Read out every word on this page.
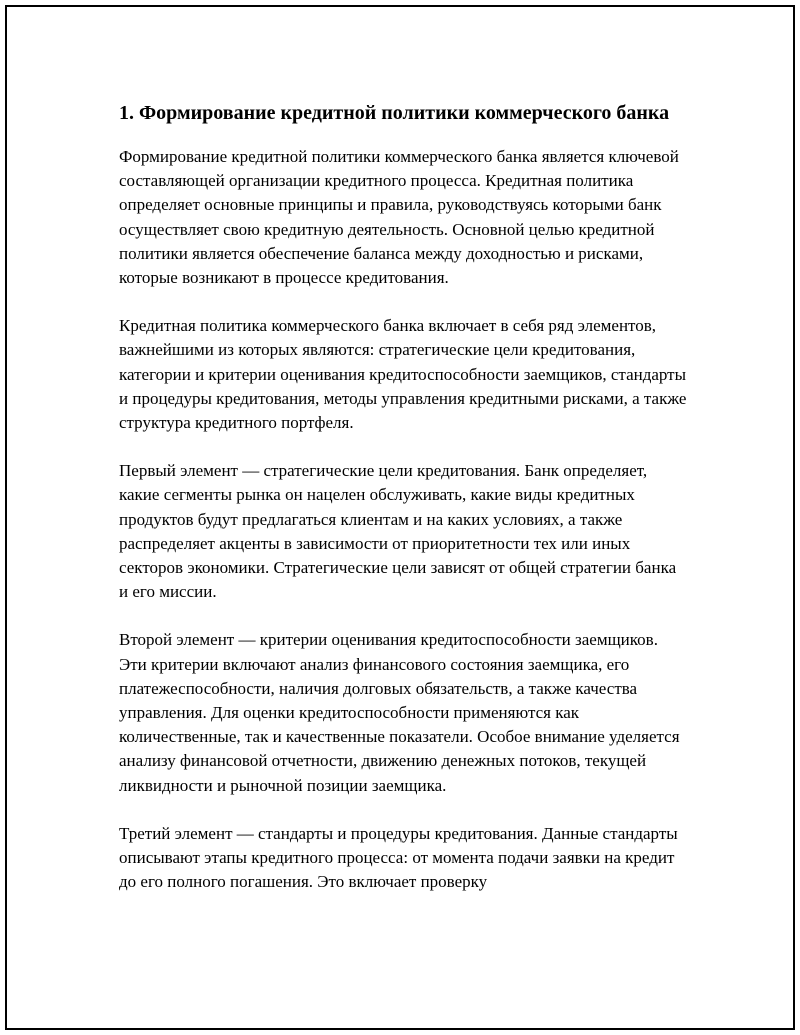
1. Формирование кредитной политики коммерческого банка

Формирование кредитной политики коммерческого банка является ключевой составляющей организации кредитного процесса. Кредитная политика определяет основные принципы и правила, руководствуясь которыми банк осуществляет свою кредитную деятельность. Основной целью кредитной политики является обеспечение баланса между доходностью и рисками, которые возникают в процессе кредитования.

Кредитная политика коммерческого банка включает в себя ряд элементов, важнейшими из которых являются: стратегические цели кредитования, категории и критерии оценивания кредитоспособности заемщиков, стандарты и процедуры кредитования, методы управления кредитными рисками, а также структура кредитного портфеля.

Первый элемент — стратегические цели кредитования. Банк определяет, какие сегменты рынка он нацелен обслуживать, какие виды кредитных продуктов будут предлагаться клиентам и на каких условиях, а также распределяет акценты в зависимости от приоритетности тех или иных секторов экономики. Стратегические цели зависят от общей стратегии банка и его миссии.

Второй элемент — критерии оценивания кредитоспособности заемщиков. Эти критерии включают анализ финансового состояния заемщика, его платежеспособности, наличия долговых обязательств, а также качества управления. Для оценки кредитоспособности применяются как количественные, так и качественные показатели. Особое внимание уделяется анализу финансовой отчетности, движению денежных потоков, текущей ликвидности и рыночной позиции заемщика.

Третий элемент — стандарты и процедуры кредитования. Данные стандарты описывают этапы кредитного процесса: от момента подачи заявки на кредит до его полного погашения. Это включает проверку
